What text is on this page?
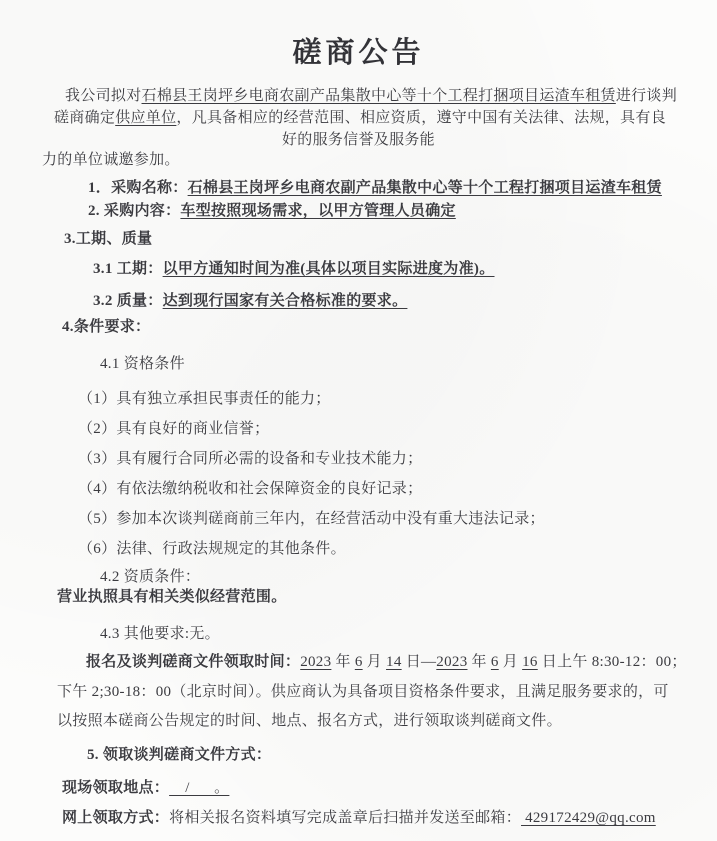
磋商公告
我公司拟对石棉县王岗坪乡电商农副产品集散中心等十个工程打捆项目运渣车租赁进行谈判
磋商确定供应单位，凡具备相应的经营范围、相应资质，遵守中国有关法律、法规，具有良
好的服务信誉及服务能
力的单位诚邀参加。
1．采购名称：石棉县王岗坪乡电商农副产品集散中心等十个工程打捆项目运渣车租赁
2. 采购内容：车型按照现场需求，以甲方管理人员确定
3.工期、质量
3.1 工期：以甲方通知时间为准(具体以项目实际进度为准)。
3.2 质量：达到现行国家有关合格标准的要求。
4.条件要求：
4.1 资格条件
（1）具有独立承担民事责任的能力；
（2）具有良好的商业信誉；
（3）具有履行合同所必需的设备和专业技术能力；
（4）有依法缴纳税收和社会保障资金的良好记录；
（5）参加本次谈判磋商前三年内，在经营活动中没有重大违法记录；
（6）法律、行政法规规定的其他条件。
4.2 资质条件：
营业执照具有相关类似经营范围。
4.3 其他要求:无。
报名及谈判磋商文件领取时间：2023 年 6 月 14 日—2023 年 6 月 16 日上午 8:30-12：00；
下午 2;30-18：00（北京时间）。供应商认为具备项目资格条件要求，且满足服务要求的，可
以按照本磋商公告规定的时间、地点、报名方式，进行领取谈判磋商文件。
5. 领取谈判磋商文件方式：
现场领取地点：    /      。
网上领取方式：将相关报名资料填写完成盖章后扫描并发送至邮箱： 429172429@qq.com
